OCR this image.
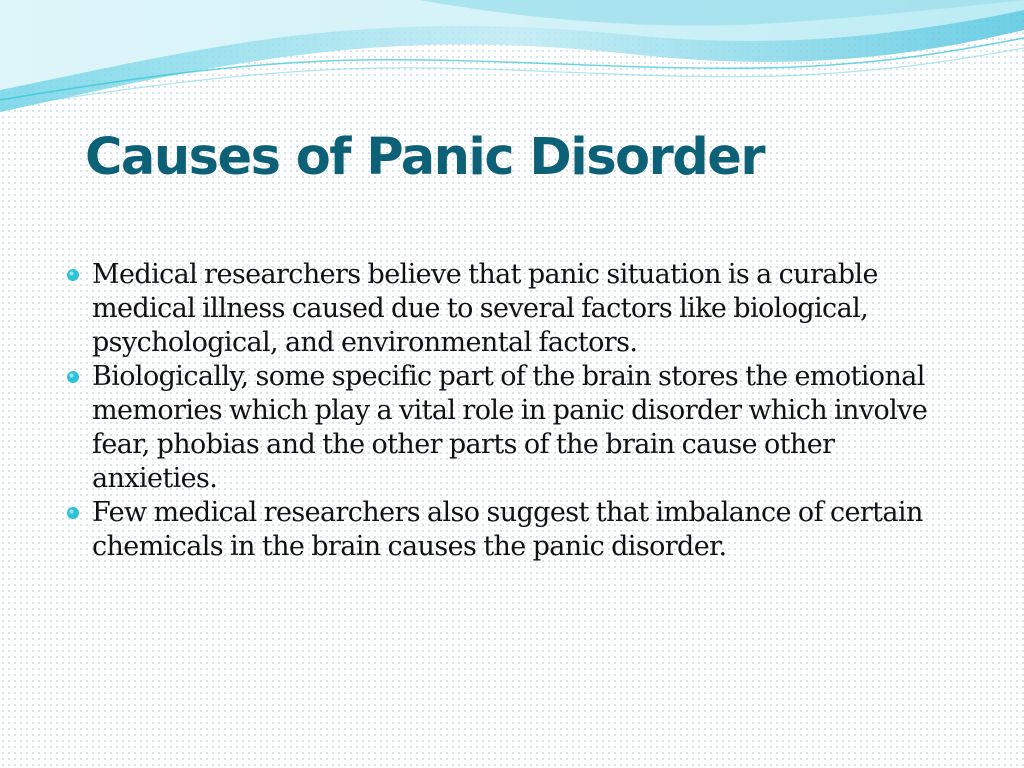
Causes of Panic Disorder
Medical researchers believe that panic situation is a curable medical illness caused due to several factors like biological, psychological, and environmental factors.
Biologically, some specific part of the brain stores the emotional memories which play a vital role in panic disorder which involve fear, phobias and the other parts of the brain cause other anxieties.
Few medical researchers also suggest that imbalance of certain chemicals in the brain causes the panic disorder.
